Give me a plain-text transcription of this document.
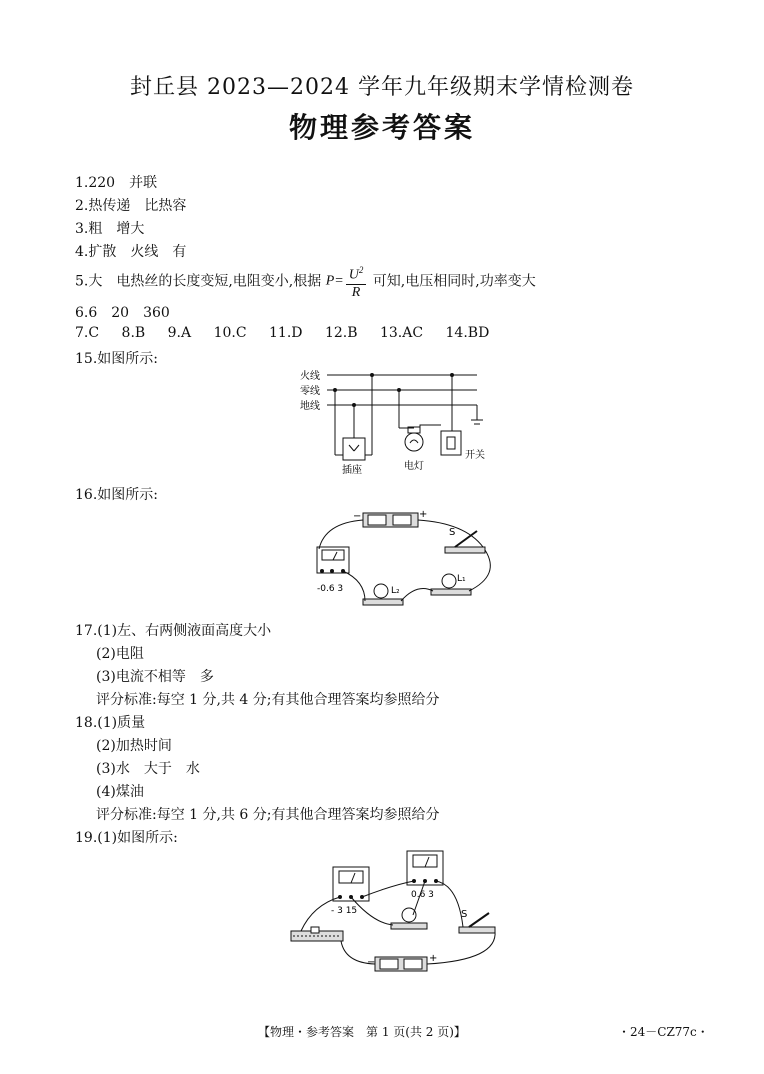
封丘县 2023—2024 学年九年级期末学情检测卷
物理参考答案
1.220　并联
2.热传递　比热容
3.粗　增大
4.扩散　火线　有
5.大　电热丝的长度变短,电阻变小,根据 $P= \frac{U^2}{R}$ 可知,电压相同时,功率变大
6.6　20　360
7.C 8.B 9.A 10.C 11.D 12.B 13.AC 14.BD
15.如图所示:
火线
零线
地线
插座	电灯
开关
16.如图所示:
−	+
-0.6 3
S
L₁
L₂
17.(1)左、右两侧液面高度大小
(2)电阻
(3)电流不相等　多
评分标准:每空 1 分,共 4 分;有其他合理答案均参照给分
18.(1)质量
(2)加热时间
(3)水　大于　水
(4)煤油
评分标准:每空 1 分,共 6 分;有其他合理答案均参照给分
19.(1)如图所示:
- 3 15
0.6 3
S
−	+
【物理・参考答案　第 1 页(共 2 页)】	・24－CZ77c・
